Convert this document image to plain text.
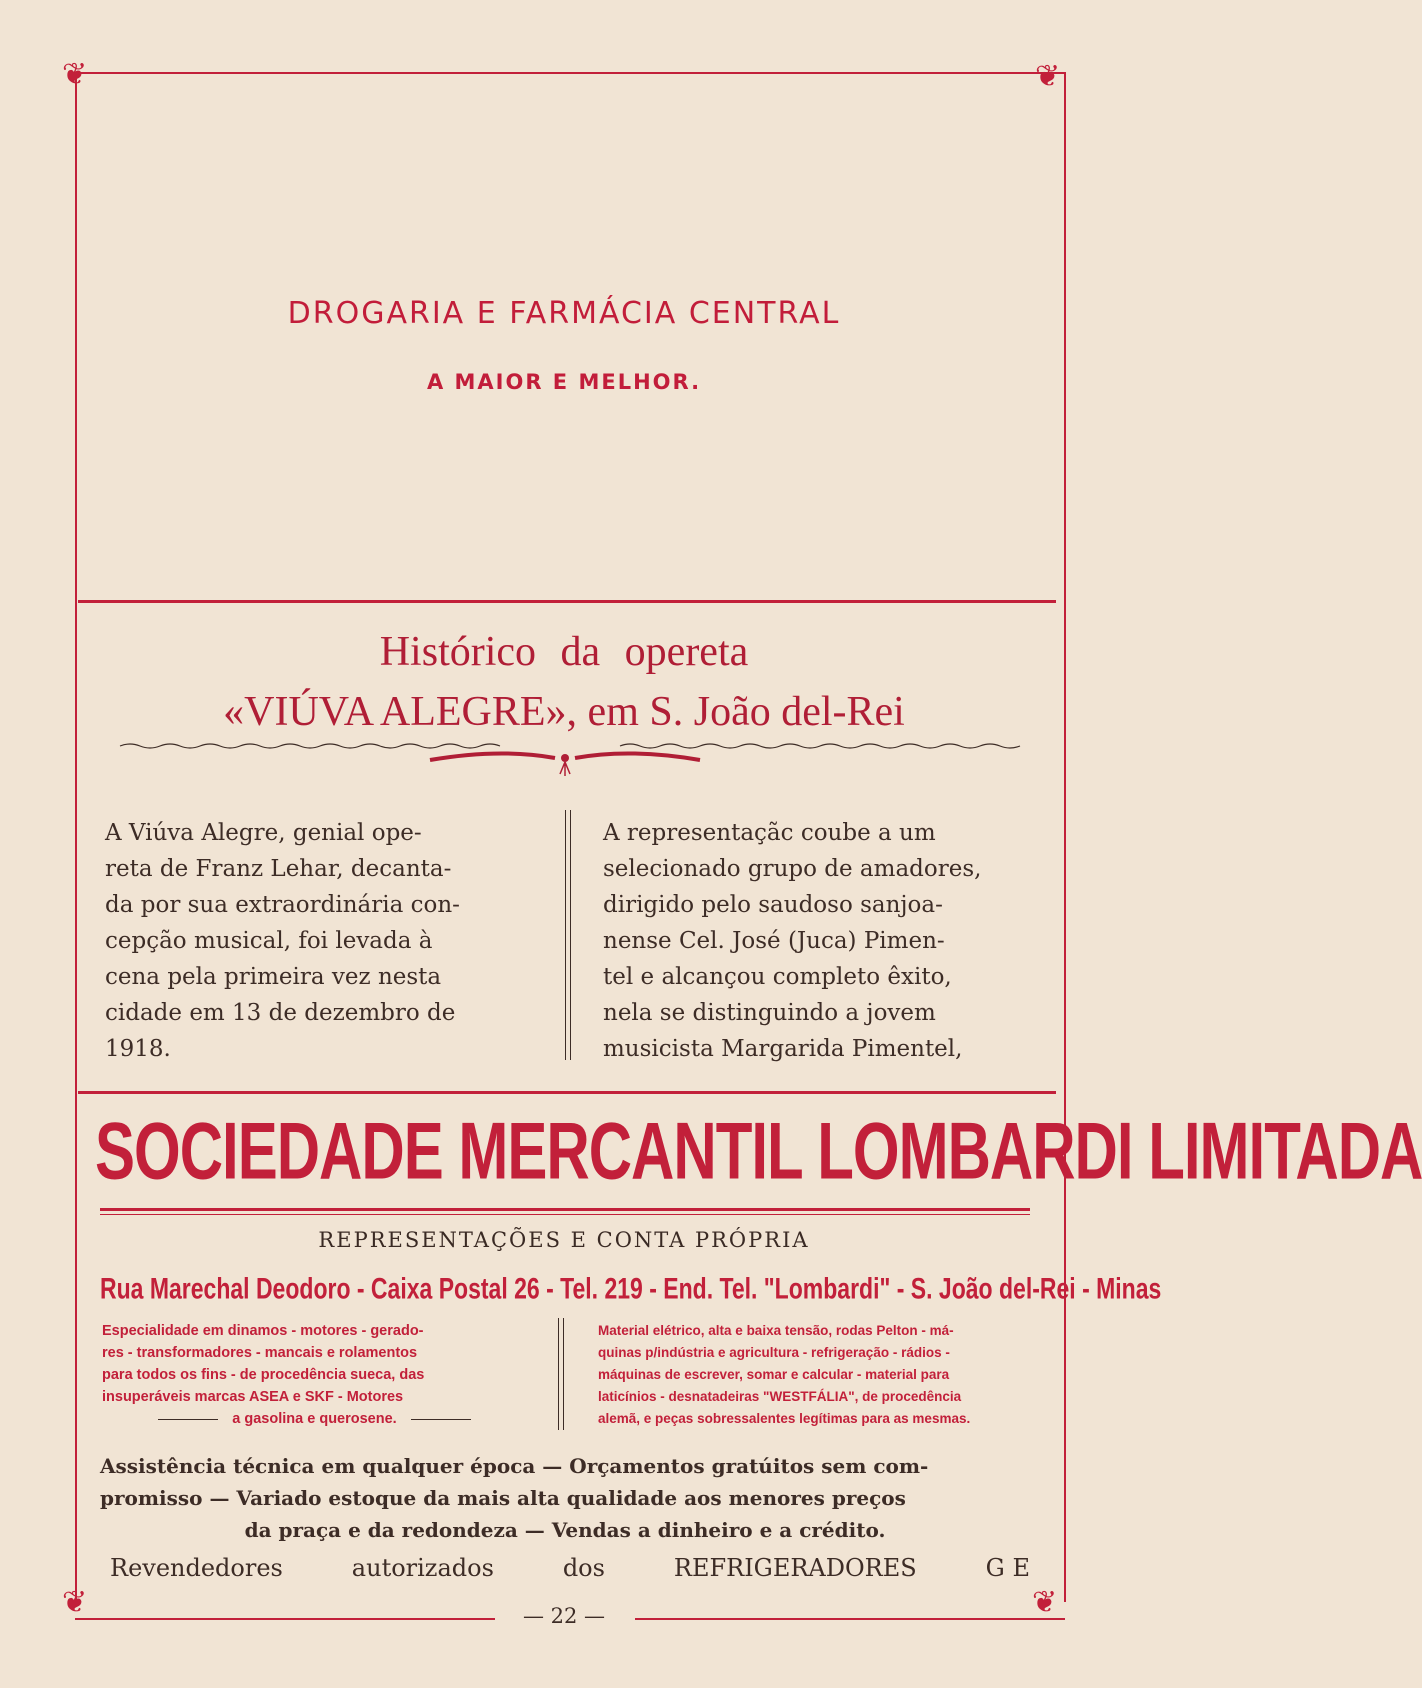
❦	❦
❦	❦
DROGARIA E FARMÁCIA CENTRAL
A MAIOR E MELHOR.
Histórico da opereta
«VIÚVA ALEGRE», em S. João del-Rei
A Viúva Alegre, genial ope-
reta de Franz Lehar, decanta-
da por sua extraordinária con-
cepção musical, foi levada à
cena pela primeira vez nesta
cidade em 13 de dezembro de
1918.
A representaçãc coube a um
selecionado grupo de amadores,
dirigido pelo saudoso sanjoa-
nense Cel. José (Juca) Pimen-
tel e alcançou completo êxito,
nela se distinguindo a jovem
musicista Margarida Pimentel,
SOCIEDADE MERCANTIL LOMBARDI LIMITADA
REPRESENTAÇÕES E CONTA PRÓPRIA
Rua Marechal Deodoro - Caixa Postal 26 - Tel. 219 - End. Tel. "Lombardi" - S. João del-Rei - Minas
Especialidade em dinamos - motores - gerado-
res - transformadores - mancais e rolamentos
para todos os fins - de procedência sueca, das
insuperáveis marcas ASEA e SKF - Motores
a gasolina e querosene.
Material elétrico, alta e baixa tensão, rodas Pelton - má-
quinas p/indústria e agricultura - refrigeração - rádios -
máquinas de escrever, somar e calcular - material para
laticínios - desnatadeiras "WESTFÁLIA", de procedência
alemã, e peças sobressalentes legítimas para as mesmas.
Assistência técnica em qualquer época — Orçamentos gratúitos sem com-
promisso — Variado estoque da mais alta qualidade aos menores preços
da praça e da redondeza — Vendas a dinheiro e a crédito.
Revendedores	autorizados	dos	REFRIGERADORES	G E
— 22 —
